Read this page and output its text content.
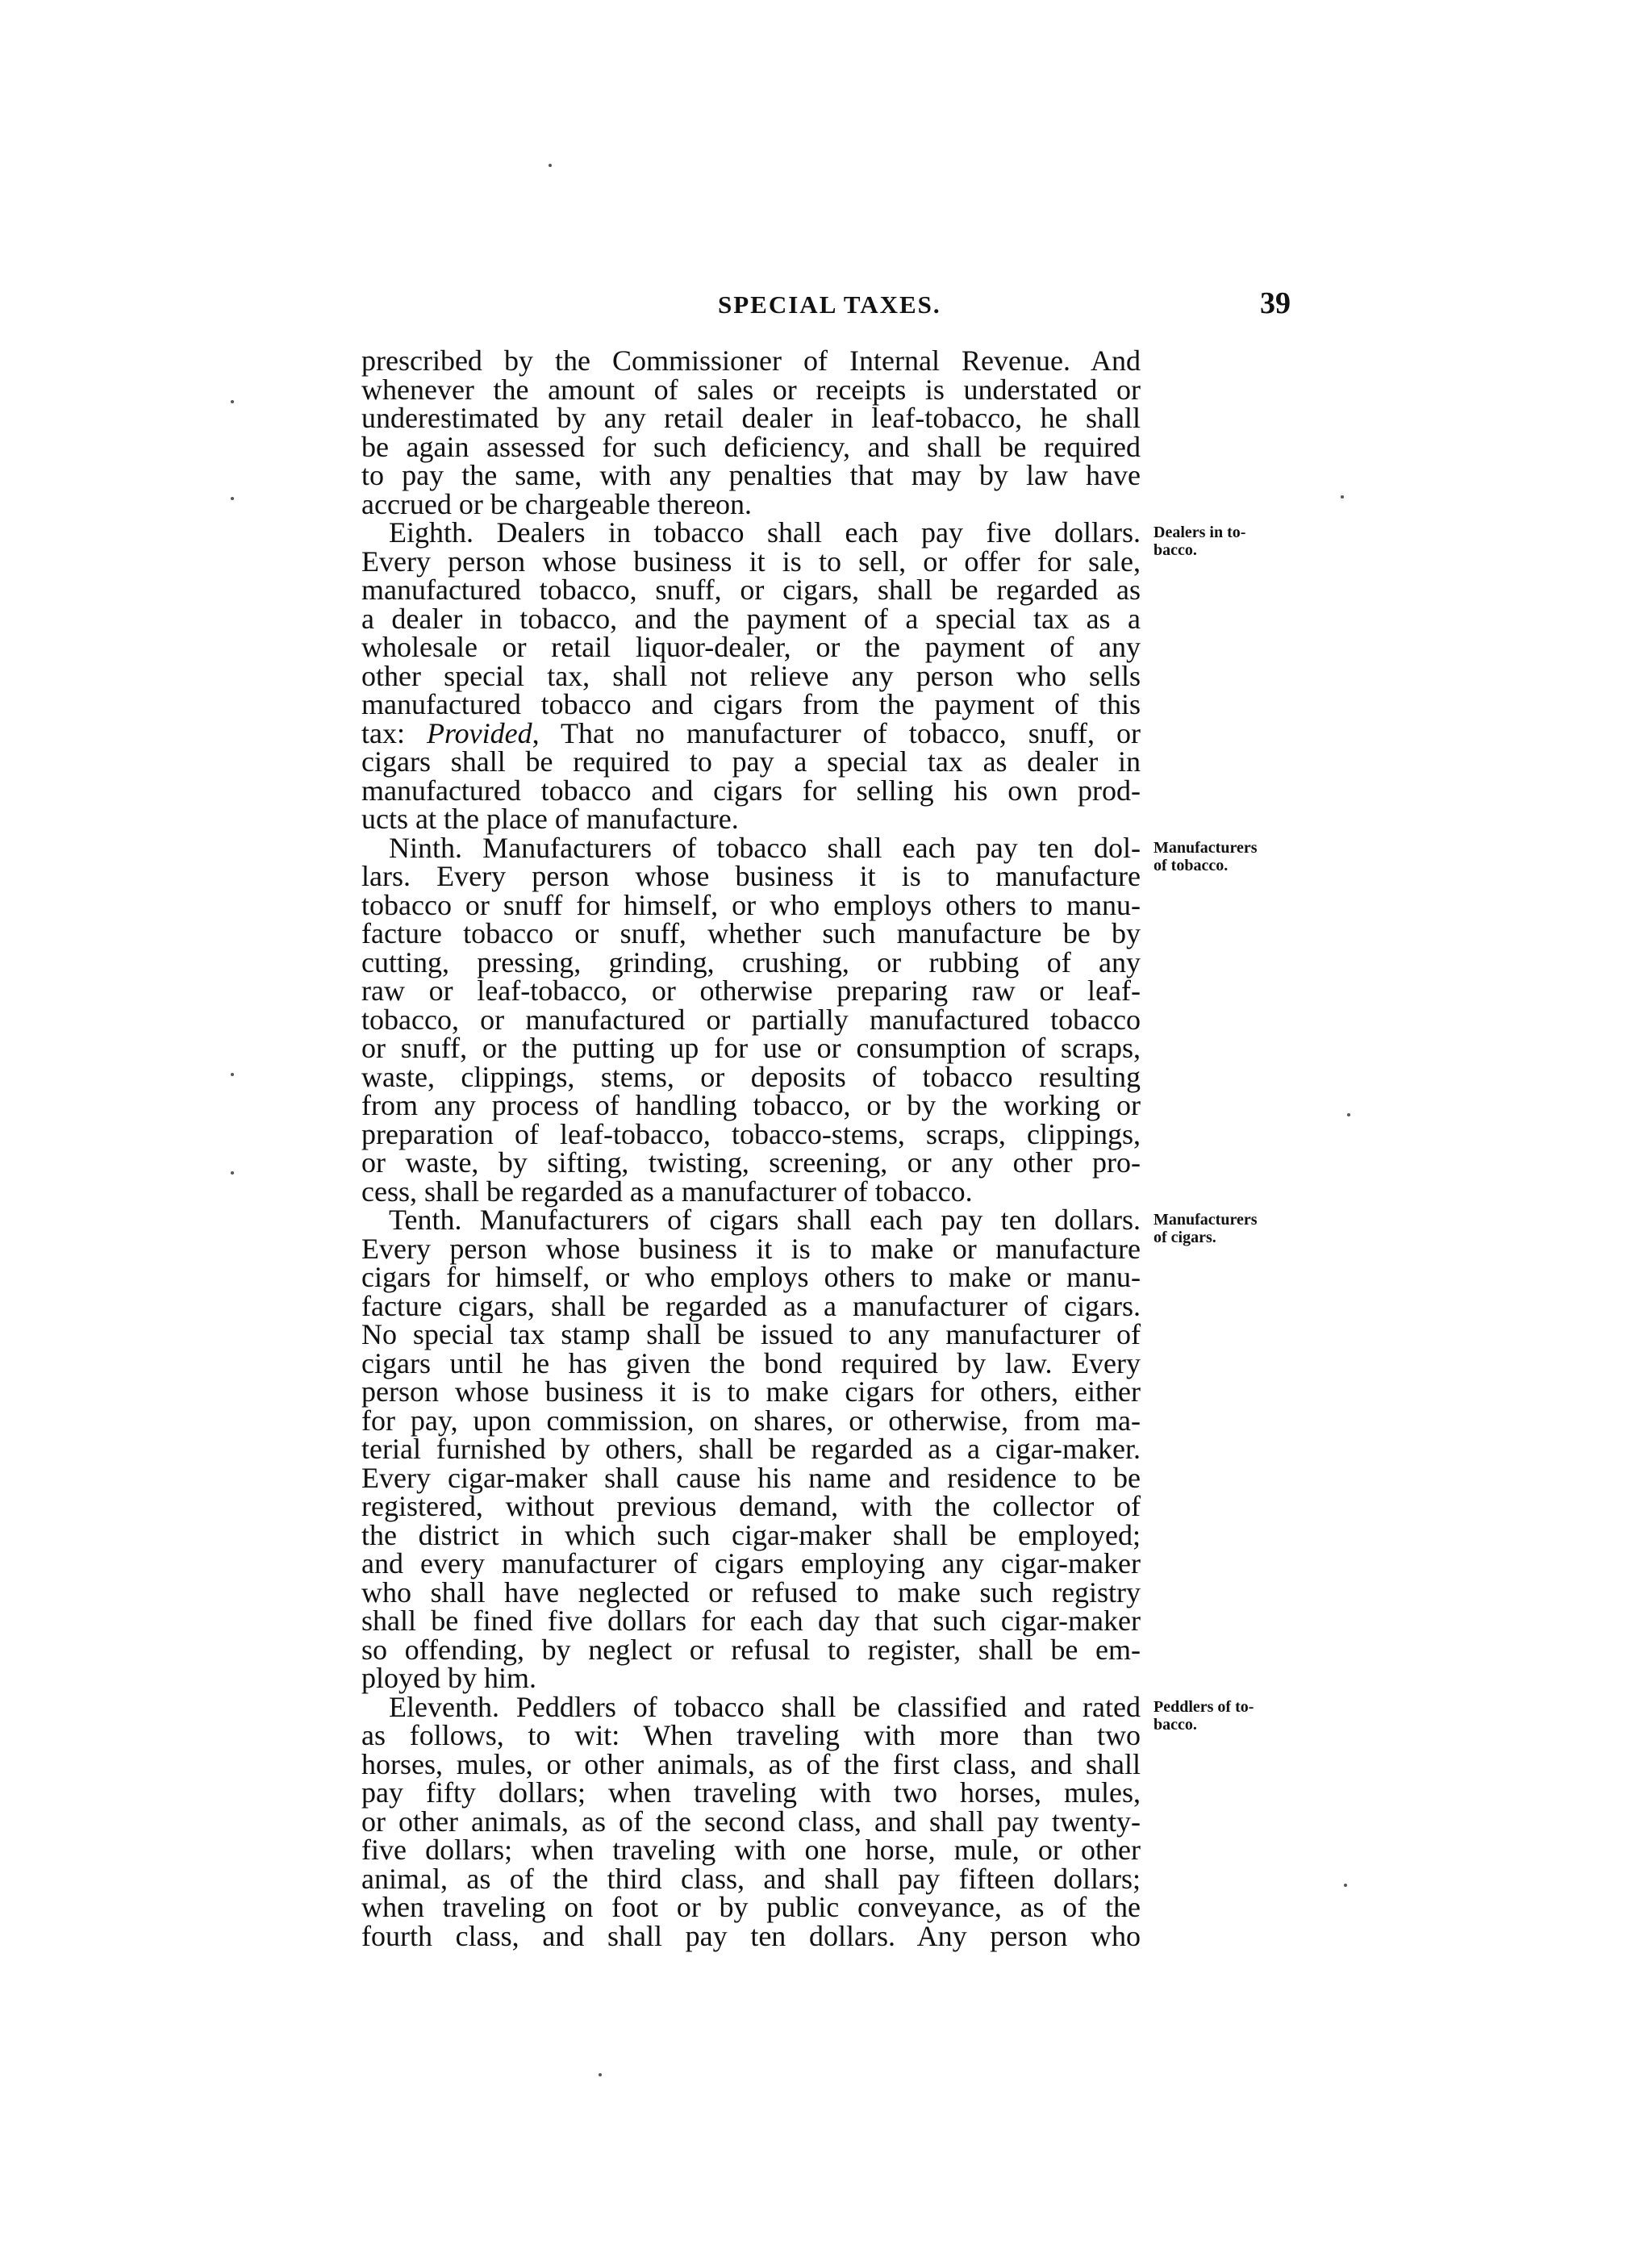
SPECIAL TAXES.	39
prescribed by the Commissioner of Internal Revenue. And
whenever the amount of sales or receipts is understated or
underestimated by any retail dealer in leaf-tobacco, he shall
be again assessed for such deficiency, and shall be required
to pay the same, with any penalties that may by law have
accrued or be chargeable thereon.
Eighth. Dealers in tobacco shall each pay five dollars.
Every person whose business it is to sell, or offer for sale,
manufactured tobacco, snuff, or cigars, shall be regarded as
a dealer in tobacco, and the payment of a special tax as a
wholesale or retail liquor-dealer, or the payment of any
other special tax, shall not relieve any person who sells
manufactured tobacco and cigars from the payment of this
tax: Provided, That no manufacturer of tobacco, snuff, or
cigars shall be required to pay a special tax as dealer in
manufactured tobacco and cigars for selling his own prod-
ucts at the place of manufacture.
Ninth. Manufacturers of tobacco shall each pay ten dol-
lars. Every person whose business it is to manufacture
tobacco or snuff for himself, or who employs others to manu-
facture tobacco or snuff, whether such manufacture be by
cutting, pressing, grinding, crushing, or rubbing of any
raw or leaf-tobacco, or otherwise preparing raw or leaf-
tobacco, or manufactured or partially manufactured tobacco
or snuff, or the putting up for use or consumption of scraps,
waste, clippings, stems, or deposits of tobacco resulting
from any process of handling tobacco, or by the working or
preparation of leaf-tobacco, tobacco-stems, scraps, clippings,
or waste, by sifting, twisting, screening, or any other pro-
cess, shall be regarded as a manufacturer of tobacco.
Tenth. Manufacturers of cigars shall each pay ten dollars.
Every person whose business it is to make or manufacture
cigars for himself, or who employs others to make or manu-
facture cigars, shall be regarded as a manufacturer of cigars.
No special tax stamp shall be issued to any manufacturer of
cigars until he has given the bond required by law. Every
person whose business it is to make cigars for others, either
for pay, upon commission, on shares, or otherwise, from ma-
terial furnished by others, shall be regarded as a cigar-maker.
Every cigar-maker shall cause his name and residence to be
registered, without previous demand, with the collector of
the district in which such cigar-maker shall be employed;
and every manufacturer of cigars employing any cigar-maker
who shall have neglected or refused to make such registry
shall be fined five dollars for each day that such cigar-maker
so offending, by neglect or refusal to register, shall be em-
ployed by him.
Eleventh. Peddlers of tobacco shall be classified and rated
as follows, to wit: When traveling with more than two
horses, mules, or other animals, as of the first class, and shall
pay fifty dollars; when traveling with two horses, mules,
or other animals, as of the second class, and shall pay twenty-
five dollars; when traveling with one horse, mule, or other
animal, as of the third class, and shall pay fifteen dollars;
when traveling on foot or by public conveyance, as of the
fourth class, and shall pay ten dollars. Any person who
Dealers in to-
bacco.
Manufacturers
of tobacco.
Manufacturers
of cigars.
Peddlers of to-
bacco.
